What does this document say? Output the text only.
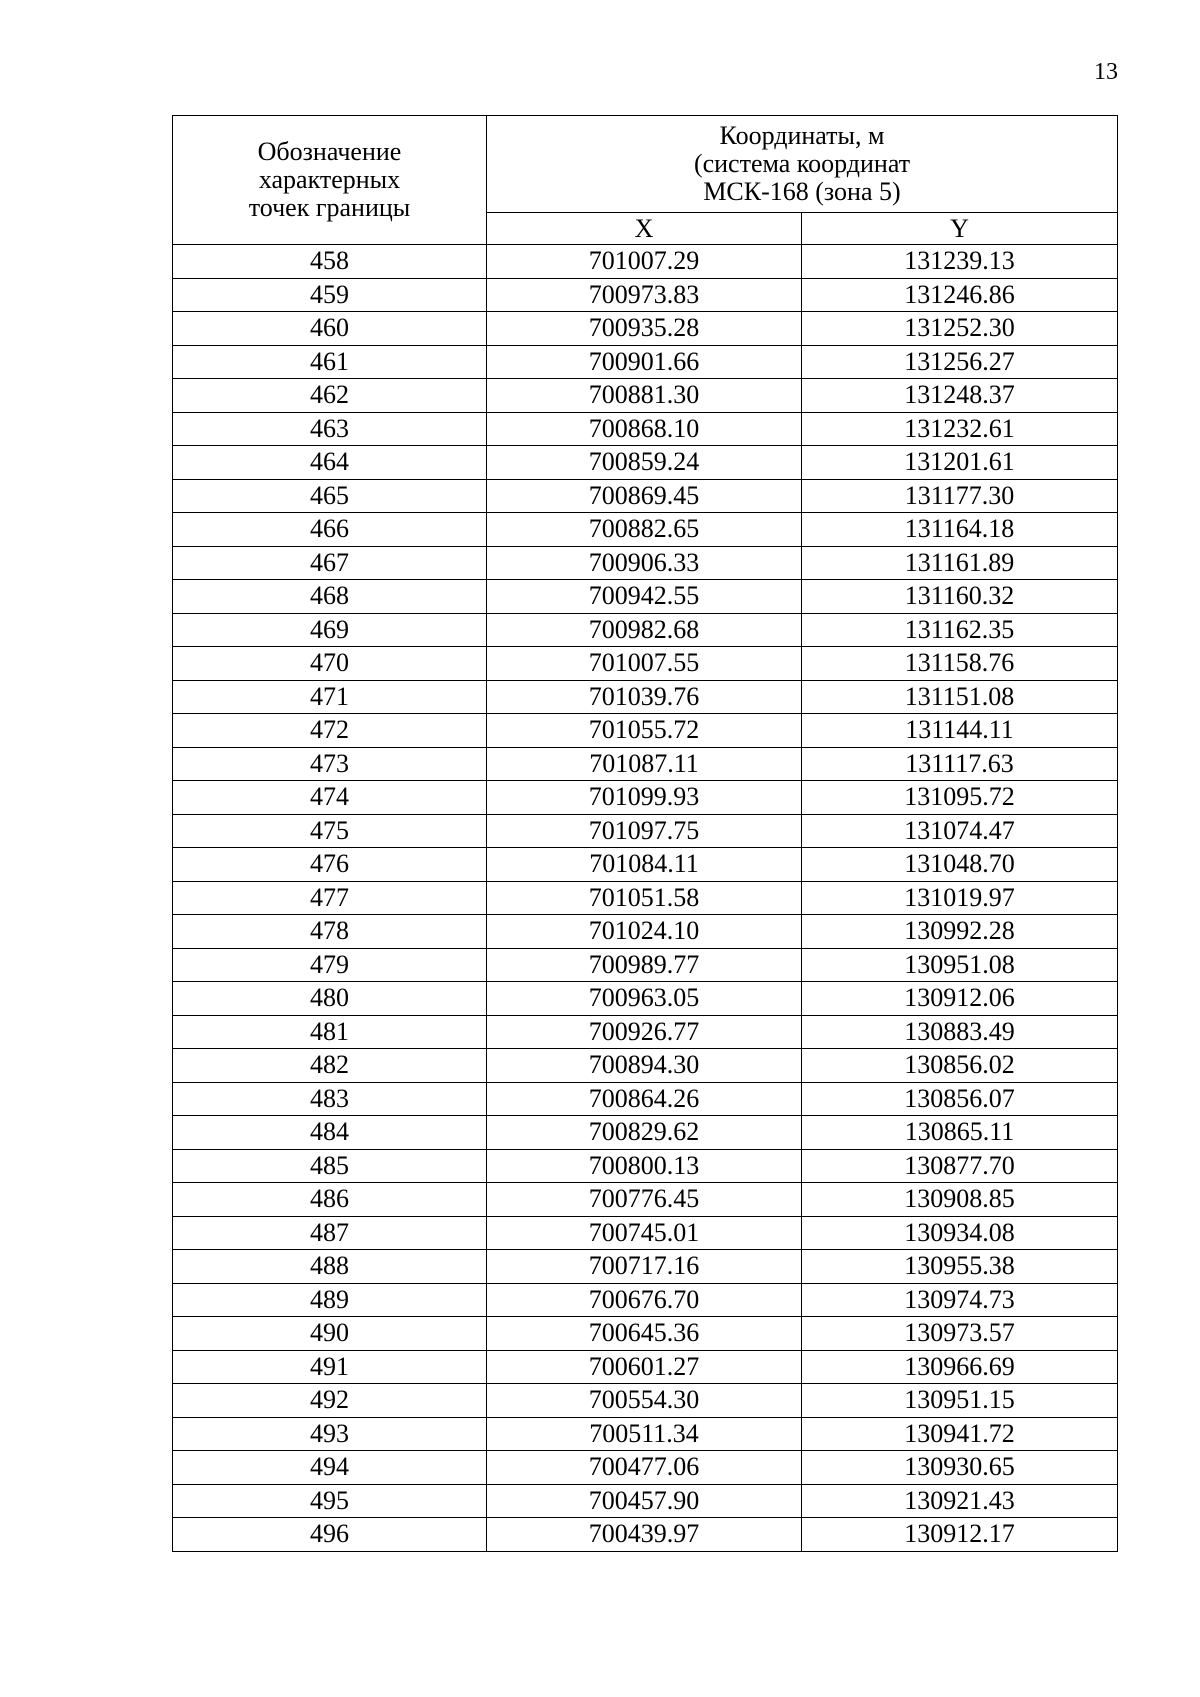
13
Обозначение
характерных
точек границы	Координаты, м
(система координат
МСК-168 (зона 5)	

	X	Y
458	701007.29	131239.13
459	700973.83	131246.86
460	700935.28	131252.30
461	700901.66	131256.27
462	700881.30	131248.37
463	700868.10	131232.61
464	700859.24	131201.61
465	700869.45	131177.30
466	700882.65	131164.18
467	700906.33	131161.89
468	700942.55	131160.32
469	700982.68	131162.35
470	701007.55	131158.76
471	701039.76	131151.08
472	701055.72	131144.11
473	701087.11	131117.63
474	701099.93	131095.72
475	701097.75	131074.47
476	701084.11	131048.70
477	701051.58	131019.97
478	701024.10	130992.28
479	700989.77	130951.08
480	700963.05	130912.06
481	700926.77	130883.49
482	700894.30	130856.02
483	700864.26	130856.07
484	700829.62	130865.11
485	700800.13	130877.70
486	700776.45	130908.85
487	700745.01	130934.08
488	700717.16	130955.38
489	700676.70	130974.73
490	700645.36	130973.57
491	700601.27	130966.69
492	700554.30	130951.15
493	700511.34	130941.72
494	700477.06	130930.65
495	700457.90	130921.43
496	700439.97	130912.17
